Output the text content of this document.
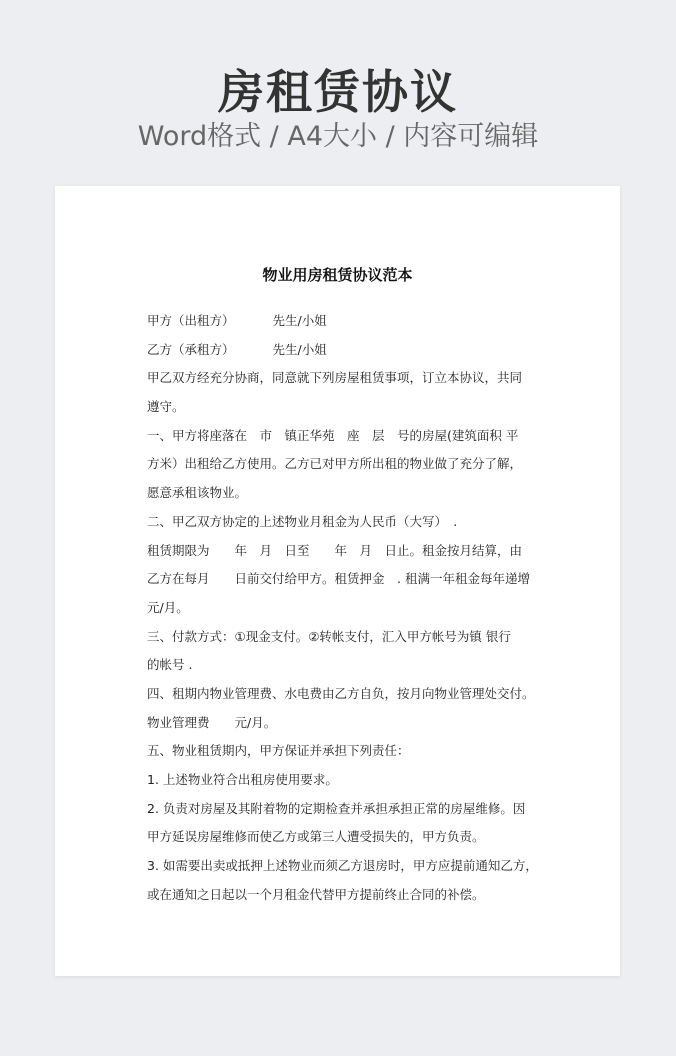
房租赁协议
Word格式 / A4大小 / 内容可编辑
物业用房租赁协议范本
甲方（出租方）	先生/小姐
乙方（承租方）	先生/小姐
甲乙双方经充分协商，同意就下列房屋租赁事项，订立本协议，共同
遵守。
一、甲方将座落在　市　镇正华苑　座　层　号的房屋(建筑面积 平
方米）出租给乙方使用。乙方已对甲方所出租的物业做了充分了解，
愿意承租该物业。
二、甲乙双方协定的上述物业月租金为人民币（大写）　.
租赁期限为　　年　月　日至　　年　月　日止。租金按月结算，由
乙方在每月　　日前交付给甲方。租赁押金　. 租满一年租金每年递增
元/月。
三、付款方式：①现金支付。②转帐支付，汇入甲方帐号为镇 银行
的帐号 .
四、租期内物业管理费、水电费由乙方自负，按月向物业管理处交付。
物业管理费　　元/月。
五、物业租赁期内，甲方保证并承担下列责任：
1. 上述物业符合出租房使用要求。
2. 负责对房屋及其附着物的定期检查并承担承担正常的房屋维修。因
甲方延误房屋维修而使乙方或第三人遭受损失的，甲方负责。
3. 如需要出卖或抵押上述物业而须乙方退房时，甲方应提前通知乙方，
或在通知之日起以一个月租金代替甲方提前终止合同的补偿。
